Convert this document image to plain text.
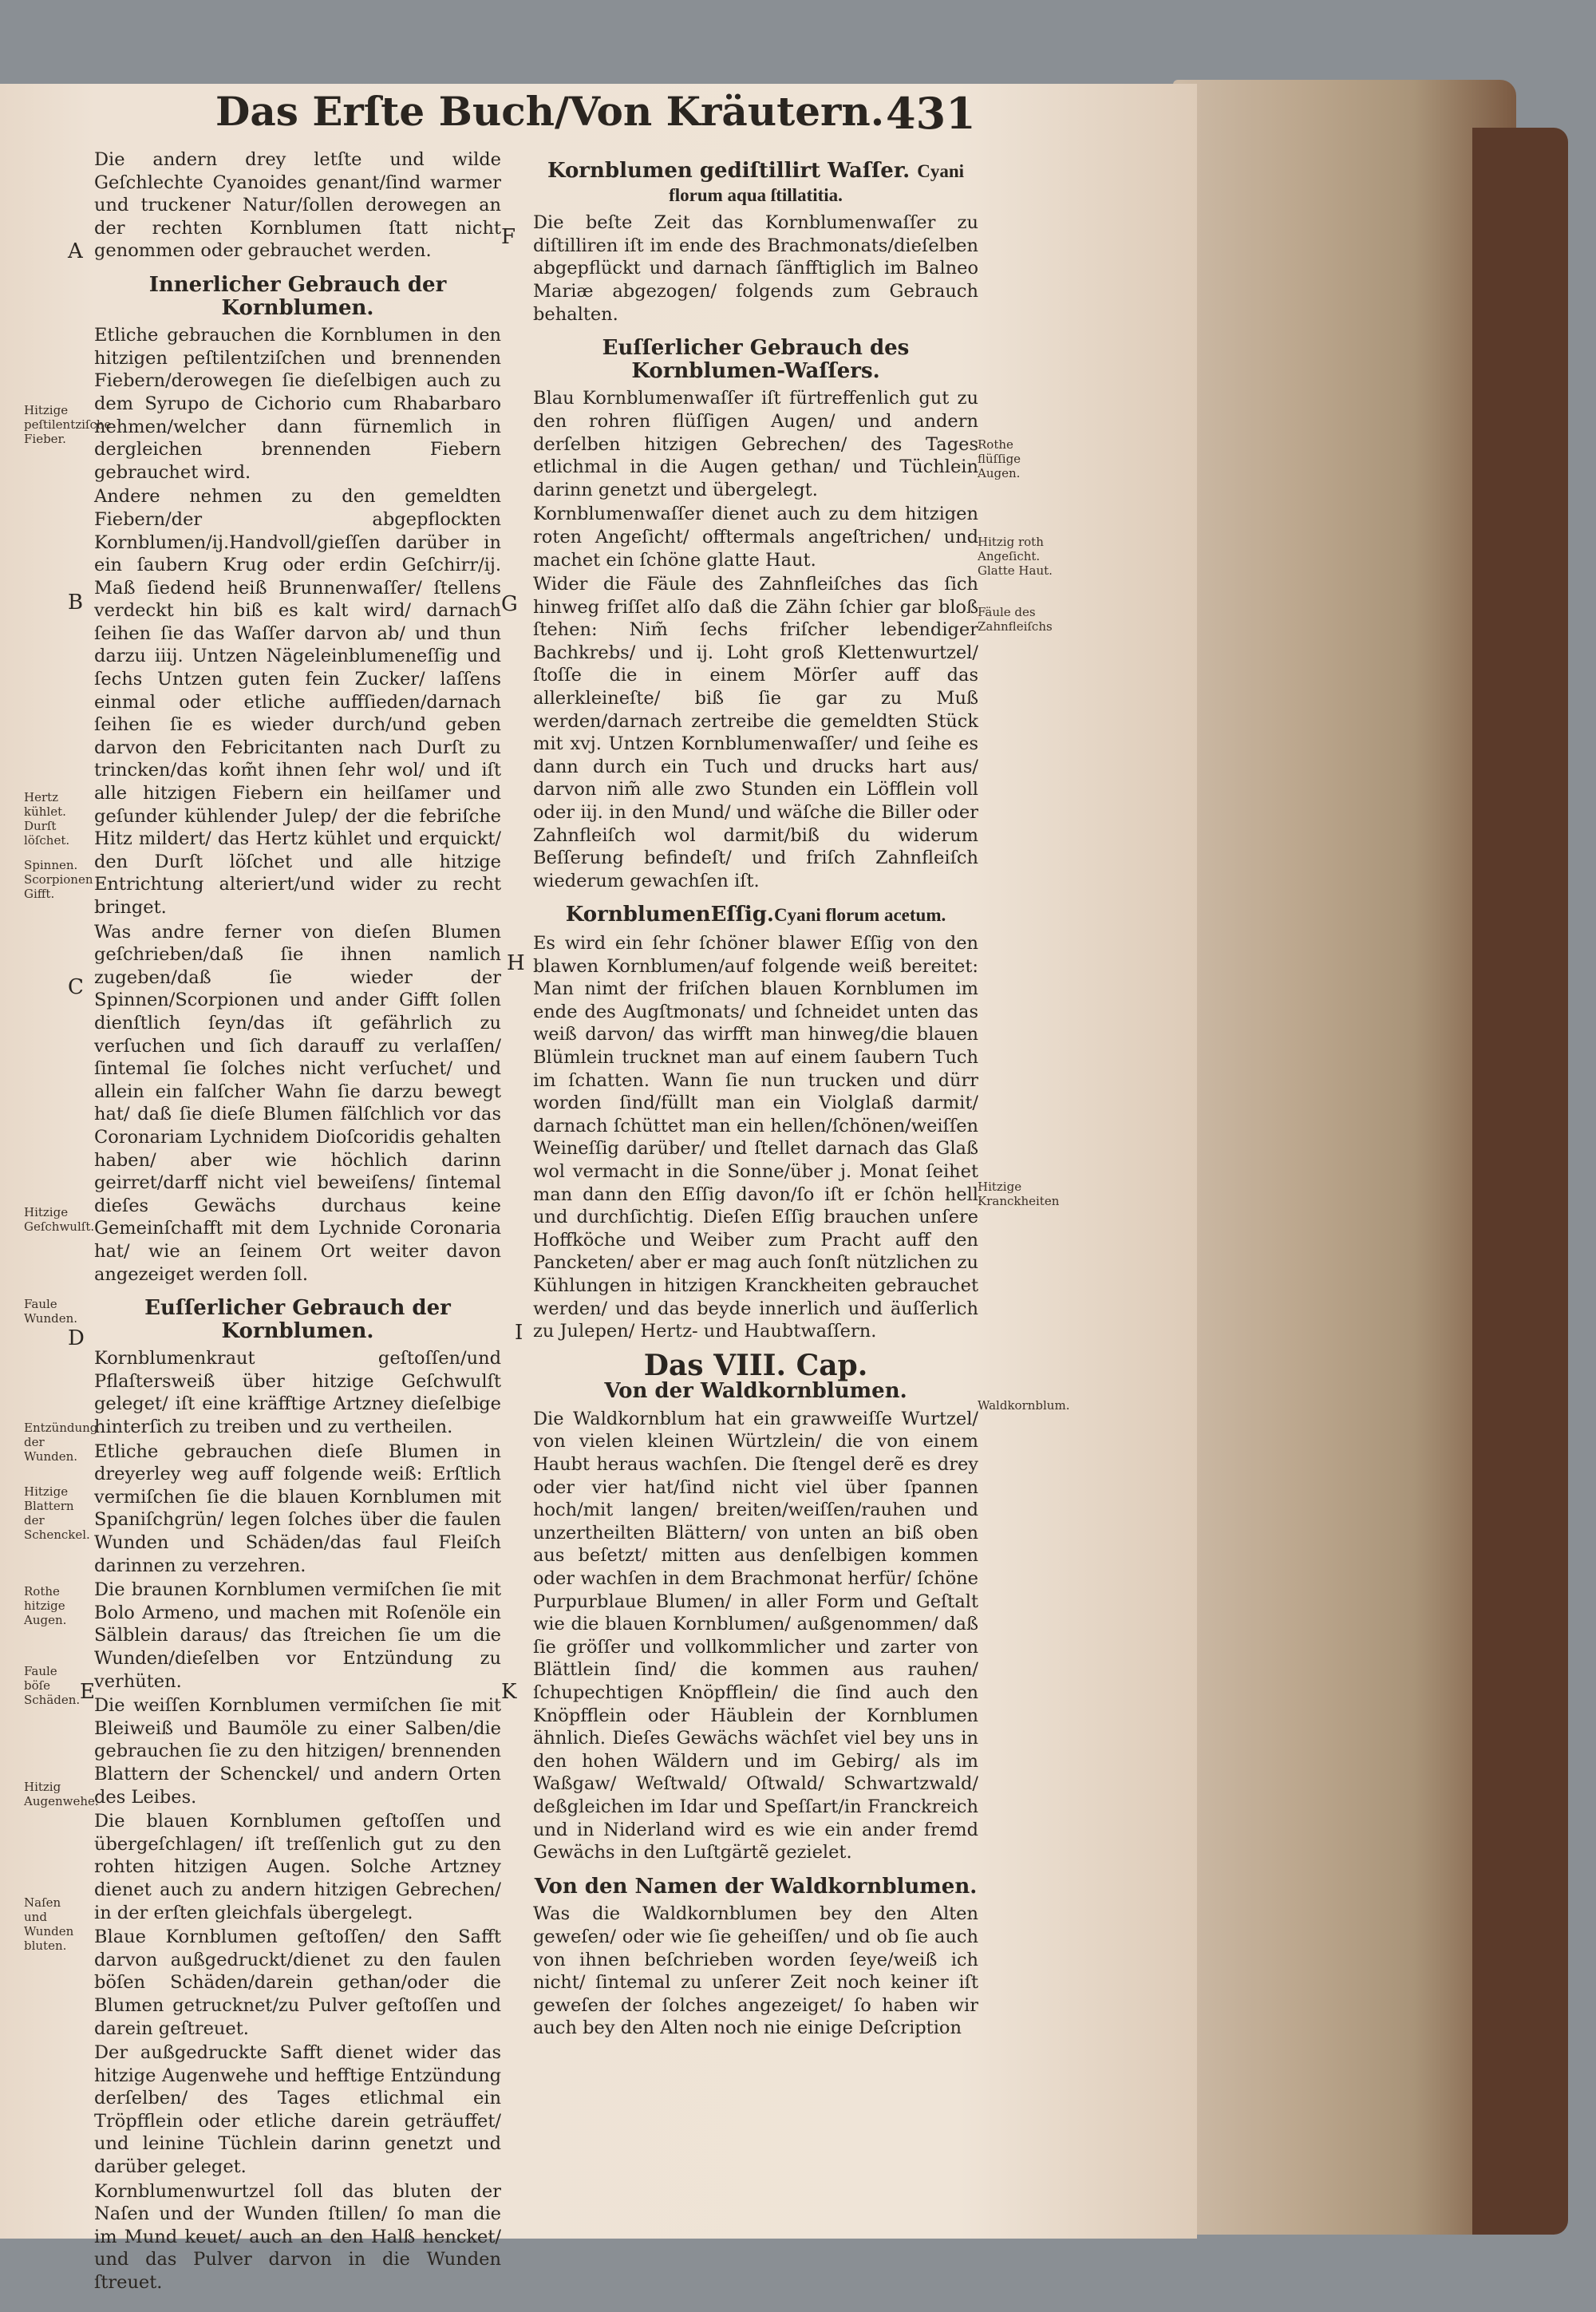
Das Erſte Buch/Von Kräutern. 431

Die andern drey letſte und wilde Geſchlechte Cyanoides genant/ſind warmer und truckener Natur/ſollen derowegen an der rechten Kornblumen ſtatt nicht genommen oder gebrauchet werden.

Innerlicher Gebrauch der Kornblumen.

Etliche gebrauchen die Kornblumen in den hitzigen peſtilentziſchen und brennenden Fiebern/derowegen ſie dieſelbigen auch zu dem Syrupo de Cichorio cum Rhabarbaro nehmen/welcher dann fürnemlich in dergleichen brennenden Fiebern gebrauchet wird.

Andere nehmen zu den gemeldten Fiebern/der abgepflockten Kornblumen/ij.Handvoll/gieſſen darüber in ein ſaubern Krug oder erdin Geſchirr/ij. Maß ſiedend heiß Brunnenwaſſer/ ſtellens verdeckt hin biß es kalt wird/ darnach ſeihen ſie das Waſſer darvon ab/ und thun darzu iiij. Untzen Nägeleinblumeneſſig und ſechs Untzen guten fein Zucker/ laſſens einmal oder etliche auffſieden/darnach ſeihen ſie es wieder durch/und geben darvon den Febricitanten nach Durſt zu trincken/das kom̃t ihnen ſehr wol/ und iſt alle hitzigen Fiebern ein heilſamer und geſunder kühlender Julep/ der die febriſche Hitz mildert/ das Hertz kühlet und erquickt/ den Durſt löſchet und alle hitzige Entrichtung alteriert/und wider zu recht bringet.

Was andre ferner von dieſen Blumen geſchrieben/daß ſie ihnen namlich zugeben/daß ſie wieder der Spinnen/Scorpionen und ander Gifft ſollen dienſtlich ſeyn/das iſt gefährlich zu verſuchen und ſich darauff zu verlaſſen/ ſintemal ſie ſolches nicht verſuchet/ und allein ein falſcher Wahn ſie darzu bewegt hat/ daß ſie dieſe Blumen fälſchlich vor das Coronariam Lychnidem Dioſcoridis gehalten haben/ aber wie höchlich darinn geirret/darff nicht viel beweiſens/ ſintemal dieſes Gewächs durchaus keine Gemeinſchafft mit dem Lychnide Coronaria hat/ wie an ſeinem Ort weiter davon angezeiget werden ſoll.

Euſſerlicher Gebrauch der Kornblumen.

Kornblumenkraut geſtoſſen/und Pflaſtersweiß über hitzige Geſchwulſt geleget/ iſt eine kräfftige Artzney dieſelbige hinterſich zu treiben und zu vertheilen.

Etliche gebrauchen dieſe Blumen in dreyerley weg auff folgende weiß: Erſtlich vermiſchen ſie die blauen Kornblumen mit Spaniſchgrün/ legen ſolches über die faulen Wunden und Schäden/das faul Fleiſch darinnen zu verzehren.

Die braunen Kornblumen vermiſchen ſie mit Bolo Armeno, und machen mit Roſenöle ein Sälblein daraus/ das ſtreichen ſie um die Wunden/dieſelben vor Entzündung zu verhüten.

Die weiſſen Kornblumen vermiſchen ſie mit Bleiweiß und Baumöle zu einer Salben/die gebrauchen ſie zu den hitzigen/ brennenden Blattern der Schenckel/ und andern Orten des Leibes.

Die blauen Kornblumen geſtoſſen und übergeſchlagen/ iſt treſſenlich gut zu den rohten hitzigen Augen. Solche Artzney dienet auch zu andern hitzigen Gebrechen/ in der erſten gleichfals übergelegt.

Blaue Kornblumen geſtoſſen/ den Safft darvon außgedruckt/dienet zu den faulen böſen Schäden/darein gethan/oder die Blumen getrucknet/zu Pulver geſtoſſen und darein geſtreuet.

Der außgedruckte Safft dienet wider das hitzige Augenwehe und hefftige Entzündung derſelben/ des Tages etlichmal ein Tröpfflein oder etliche darein geträuffet/ und leinine Tüchlein darinn genetzt und darüber geleget.

Kornblumenwurtzel ſoll das bluten der Naſen und der Wunden ſtillen/ ſo man die im Mund keuet/ auch an den Halß hencket/ und das Pulver darvon in die Wunden ſtreuet.

Kornblumen gediſtillirt Waſſer. Cyani florum aqua ſtillatitia.

Die beſte Zeit das Kornblumenwaſſer zu diſtilliren iſt im ende des Brachmonats/dieſelben abgepflückt und darnach ſänfftiglich im Balneo Mariæ abgezogen/ folgends zum Gebrauch behalten.

Euſſerlicher Gebrauch des Kornblumen-Waſſers.

Blau Kornblumenwaſſer iſt fürtreffenlich gut zu den rohren flüſſigen Augen/ und andern derſelben hitzigen Gebrechen/ des Tages etlichmal in die Augen gethan/ und Tüchlein darinn genetzt und übergelegt.

Kornblumenwaſſer dienet auch zu dem hitzigen roten Angeſicht/ offtermals angeſtrichen/ und machet ein ſchöne glatte Haut.

Wider die Fäule des Zahnfleiſches das ſich hinweg friſſet alſo daß die Zähn ſchier gar bloß ſtehen: Nim̃ ſechs friſcher lebendiger Bachkrebs/ und ij. Loht groß Klettenwurtzel/ ſtoſſe die in einem Mörſer auff das allerkleineſte/ biß ſie gar zu Muß werden/darnach zertreibe die gemeldten Stück mit xvj. Untzen Kornblumenwaſſer/ und ſeihe es dann durch ein Tuch und drucks hart aus/ darvon nim̃ alle zwo Stunden ein Löfflein voll oder iij. in den Mund/ und wäſche die Biller oder Zahnfleiſch wol darmit/biß du widerum Beſſerung befindeſt/ und friſch Zahnfleiſch wiederum gewachſen iſt.

KornblumenEſſig.Cyani florum acetum.

Es wird ein ſehr ſchöner blawer Eſſig von den blawen Kornblumen/auf folgende weiß bereitet: Man nimt der friſchen blauen Kornblumen im ende des Augſtmonats/ und ſchneidet unten das weiß darvon/ das wirfft man hinweg/die blauen Blümlein trucknet man auf einem ſaubern Tuch im ſchatten. Wann ſie nun trucken und dürr worden ſind/füllt man ein Violglaß darmit/ darnach ſchüttet man ein hellen/ſchönen/weiſſen Weineſſig darüber/ und ſtellet darnach das Glaß wol vermacht in die Sonne/über j. Monat ſeihet man dann den Eſſig davon/ſo iſt er ſchön hell und durchſichtig. Dieſen Eſſig brauchen unſere Hoffköche und Weiber zum Pracht auff den Pancketen/ aber er mag auch ſonſt nützlichen zu Kühlungen in hitzigen Kranckheiten gebrauchet werden/ und das beyde innerlich und äuſſerlich zu Julepen/ Hertz- und Haubtwaſſern.

Das VIII. Cap.
Von der Waldkornblumen.

Die Waldkornblum hat ein grawweiſſe Wurtzel/ von vielen kleinen Würtzlein/ die von einem Haubt heraus wachſen. Die ſtengel derẽ es drey oder vier hat/ſind nicht viel über ſpannen hoch/mit langen/ breiten/weiſſen/rauhen und unzertheilten Blättern/ von unten an biß oben aus beſetzt/ mitten aus denſelbigen kommen oder wachſen in dem Brachmonat herfür/ ſchöne Purpurblaue Blumen/ in aller Form und Geſtalt wie die blauen Kornblumen/ außgenommen/ daß ſie gröſſer und vollkommlicher und zarter von Blättlein ſind/ die kommen aus rauhen/ ſchupechtigen Knöpfflein/ die ſind auch den Knöpfflein oder Häublein der Kornblumen ähnlich. Dieſes Gewächs wächſet viel bey uns in den hohen Wäldern und im Gebirg/ als im Waßgaw/ Weſtwald/ Oſtwald/ Schwartzwald/ deßgleichen im Idar und Speſſart/in Franckreich und in Niderland wird es wie ein ander fremd Gewächs in den Luſtgärtẽ gezielet.

Von den Namen der Waldkornblumen.

Was die Waldkornblumen bey den Alten geweſen/ oder wie ſie geheiſſen/ und ob ſie auch von ihnen beſchrieben worden ſeye/weiß ich nicht/ ſintemal zu unſerer Zeit noch keiner iſt geweſen der ſolches angezeiget/ ſo haben wir auch bey den Alten noch nie einige Deſcription

Hitzige peſtilentziſche Fieber.
Hertz kühlet. Durſt löſchet.
Spinnen. Scorpionen Gifft.
Hitzige Geſchwulſt.
Faule Wunden.
Entzündung der Wunden.
Hitzige Blattern der Schenckel.
Rothe hitzige Augen.
Faule böſe Schäden.
Hitzig Augenwehe.
Naſen und Wunden bluten.
Rothe flüſſige Augen.
Hitzig roth Angeſicht. Glatte Haut.
Fäule des Zahnfleiſchs
Hitzige Kranckheiten
Waldkornblum.
A
B
C
D
E
F
G
H
I
K
